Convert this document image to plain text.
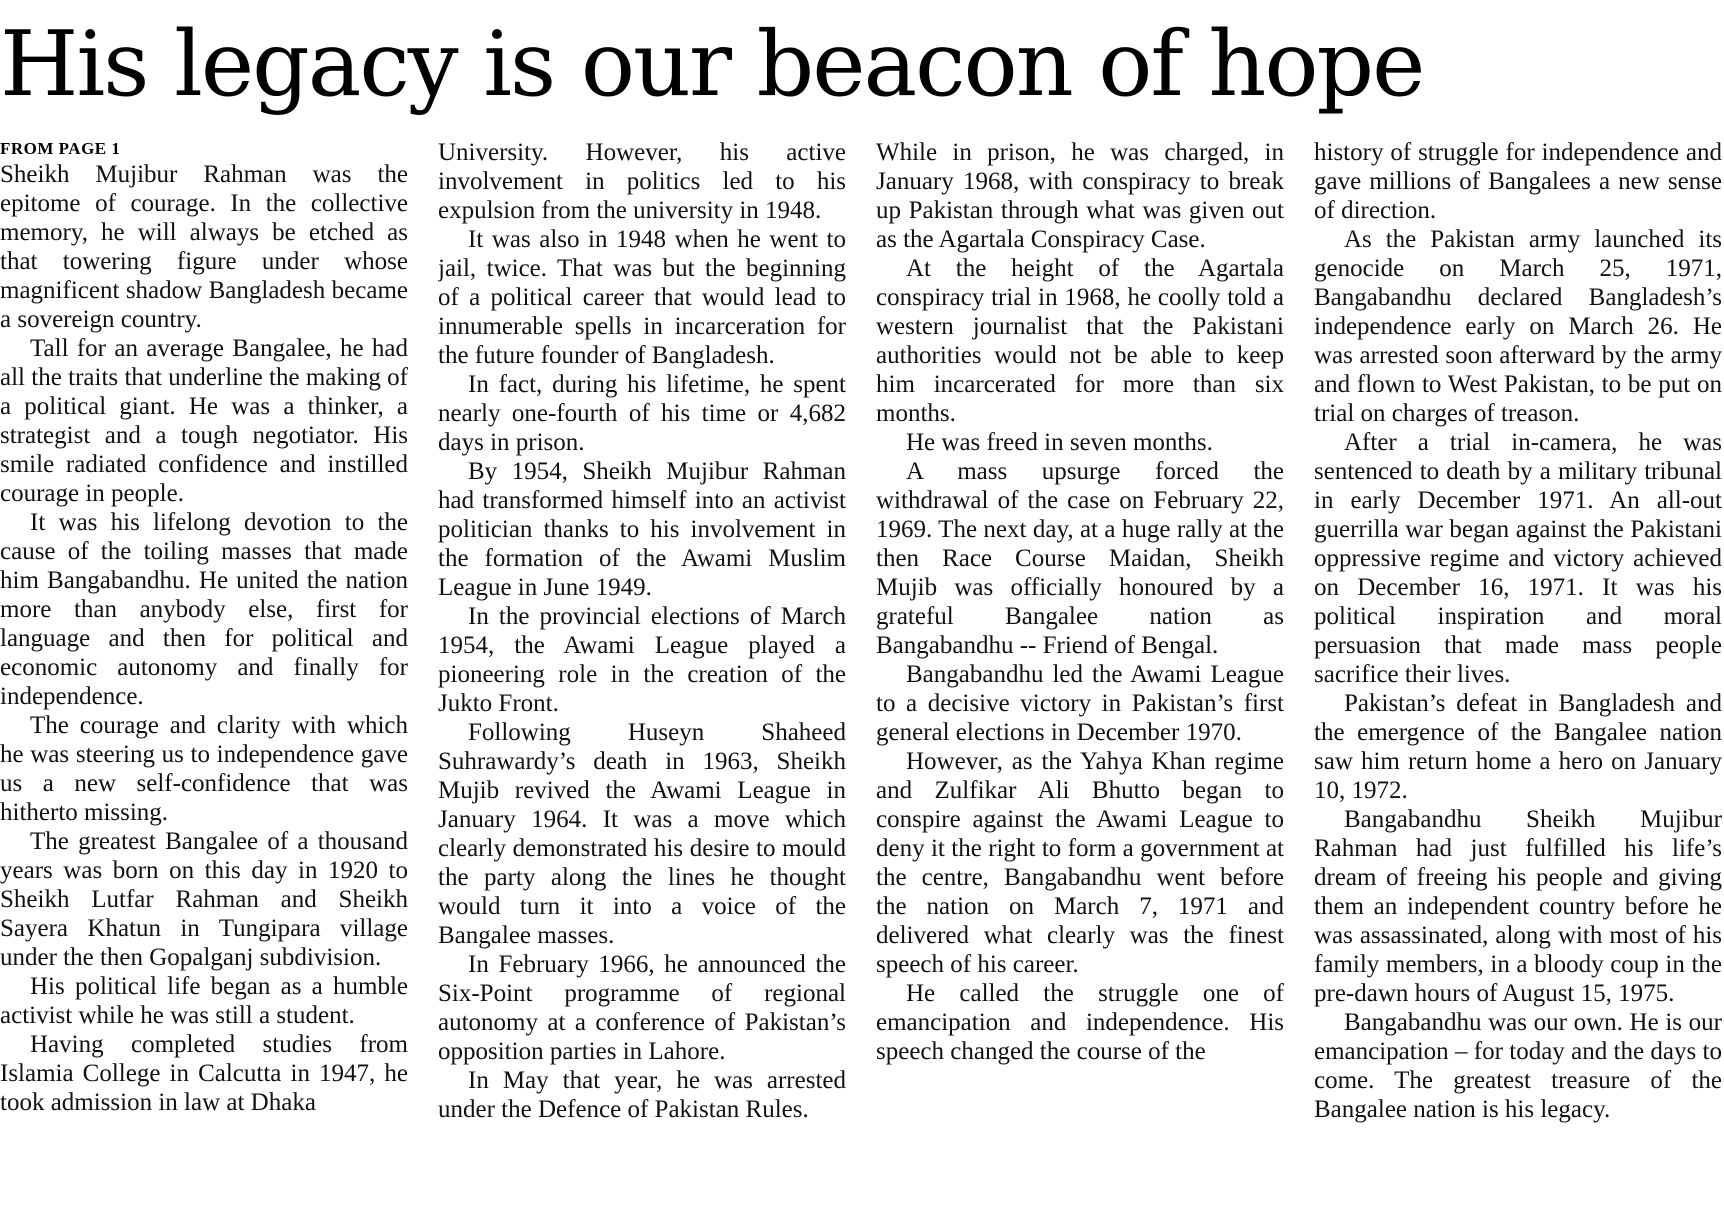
His legacy is our beacon of hope
FROM PAGE 1

Sheikh Mujibur Rahman was the epitome of courage. In the collective memory, he will always be etched as that towering figure under whose magnificent shadow Bangladesh became a sovereign country.

Tall for an average Bangalee, he had all the traits that underline the making of a political giant. He was a thinker, a strategist and a tough negotiator. His smile radiated confidence and instilled courage in people.

It was his lifelong devotion to the cause of the toiling masses that made him Bangabandhu. He united the nation more than anybody else, first for language and then for political and economic autonomy and finally for independence.

The courage and clarity with which he was steering us to independence gave us a new self-confidence that was hitherto missing.

The greatest Bangalee of a thousand years was born on this day in 1920 to Sheikh Lutfar Rahman and Sheikh Sayera Khatun in Tungipara village under the then Gopalganj subdivision.

His political life began as a humble activist while he was still a student.

Having completed studies from Islamia College in Calcutta in 1947, he took admission in law at Dhaka

University. However, his active involvement in politics led to his expulsion from the university in 1948.

It was also in 1948 when he went to jail, twice. That was but the beginning of a political career that would lead to innumerable spells in incarceration for the future founder of Bangladesh.

In fact, during his lifetime, he spent nearly one-fourth of his time or 4,682 days in prison.

By 1954, Sheikh Mujibur Rahman had transformed himself into an activist politician thanks to his involvement in the formation of the Awami Muslim League in June 1949.

In the provincial elections of March 1954, the Awami League played a pioneering role in the creation of the Jukto Front.

Following Huseyn Shaheed Suhrawardy’s death in 1963, Sheikh Mujib revived the Awami League in January 1964. It was a move which clearly demonstrated his desire to mould the party along the lines he thought would turn it into a voice of the Bangalee masses.

In February 1966, he announced the Six-Point programme of regional autonomy at a conference of Pakistan’s opposition parties in Lahore.

In May that year, he was arrested under the Defence of Pakistan Rules.

While in prison, he was charged, in January 1968, with conspiracy to break up Pakistan through what was given out as the Agartala Conspiracy Case.

At the height of the Agartala conspiracy trial in 1968, he coolly told a western journalist that the Pakistani authorities would not be able to keep him incarcerated for more than six months.

He was freed in seven months.

A mass upsurge forced the withdrawal of the case on February 22, 1969. The next day, at a huge rally at the then Race Course Maidan, Sheikh Mujib was officially honoured by a grateful Bangalee nation as Bangabandhu -- Friend of Bengal.

Bangabandhu led the Awami League to a decisive victory in Pakistan’s first general elections in December 1970.

However, as the Yahya Khan regime and Zulfikar Ali Bhutto began to conspire against the Awami League to deny it the right to form a government at the centre, Bangabandhu went before the nation on March 7, 1971 and delivered what clearly was the finest speech of his career.

He called the struggle one of emancipation and independence. His speech changed the course of the

history of struggle for independence and gave millions of Bangalees a new sense of direction.

As the Pakistan army launched its genocide on March 25, 1971, Bangabandhu declared Bangladesh’s independence early on March 26. He was arrested soon afterward by the army and flown to West Pakistan, to be put on trial on charges of treason.

After a trial in-camera, he was sentenced to death by a military tribunal in early December 1971. An all-out guerrilla war began against the Pakistani oppressive regime and victory achieved on December 16, 1971. It was his political inspiration and moral persuasion that made mass people sacrifice their lives.

Pakistan’s defeat in Bangladesh and the emergence of the Bangalee nation saw him return home a hero on January 10, 1972.

Bangabandhu Sheikh Mujibur Rahman had just fulfilled his life’s dream of freeing his people and giving them an independent country before he was assassinated, along with most of his family members, in a bloody coup in the pre-dawn hours of August 15, 1975.

Bangabandhu was our own. He is our emancipation – for today and the days to come. The greatest treasure of the Bangalee nation is his legacy.
